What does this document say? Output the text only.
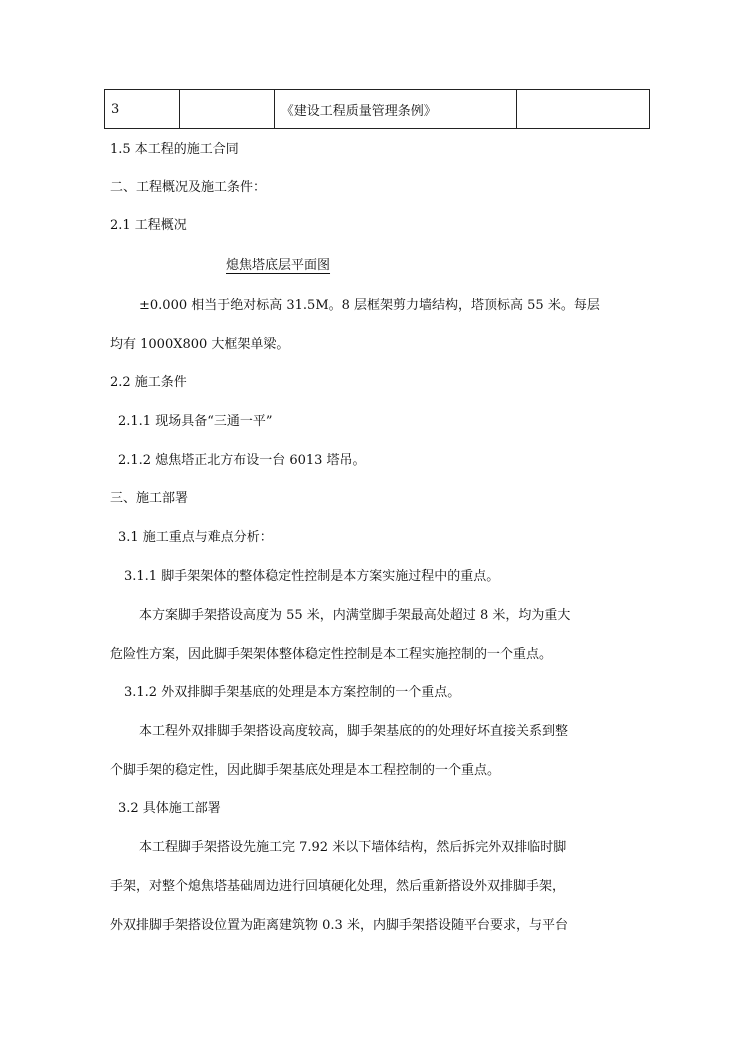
3		《建设工程质量管理条例》	
1.5 本工程的施工合同
二、工程概况及施工条件：
2.1 工程概况
熄焦塔底层平面图
±0.000 相当于绝对标高 31.5M。8 层框架剪力墙结构，塔顶标高 55 米。每层
均有 1000X800 大框架单梁。
2.2 施工条件
2.1.1 现场具备“三通一平”
2.1.2 熄焦塔正北方布设一台 6013 塔吊。
三、施工部署
3.1 施工重点与难点分析：
3.1.1 脚手架架体的整体稳定性控制是本方案实施过程中的重点。
本方案脚手架搭设高度为 55 米，内满堂脚手架最高处超过 8 米，均为重大
危险性方案，因此脚手架架体整体稳定性控制是本工程实施控制的一个重点。
3.1.2 外双排脚手架基底的处理是本方案控制的一个重点。
本工程外双排脚手架搭设高度较高，脚手架基底的的处理好坏直接关系到整
个脚手架的稳定性，因此脚手架基底处理是本工程控制的一个重点。
3.2 具体施工部署
本工程脚手架搭设先施工完 7.92 米以下墙体结构，然后拆完外双排临时脚
手架，对整个熄焦塔基础周边进行回填硬化处理，然后重新搭设外双排脚手架，
外双排脚手架搭设位置为距离建筑物 0.3 米，内脚手架搭设随平台要求，与平台
